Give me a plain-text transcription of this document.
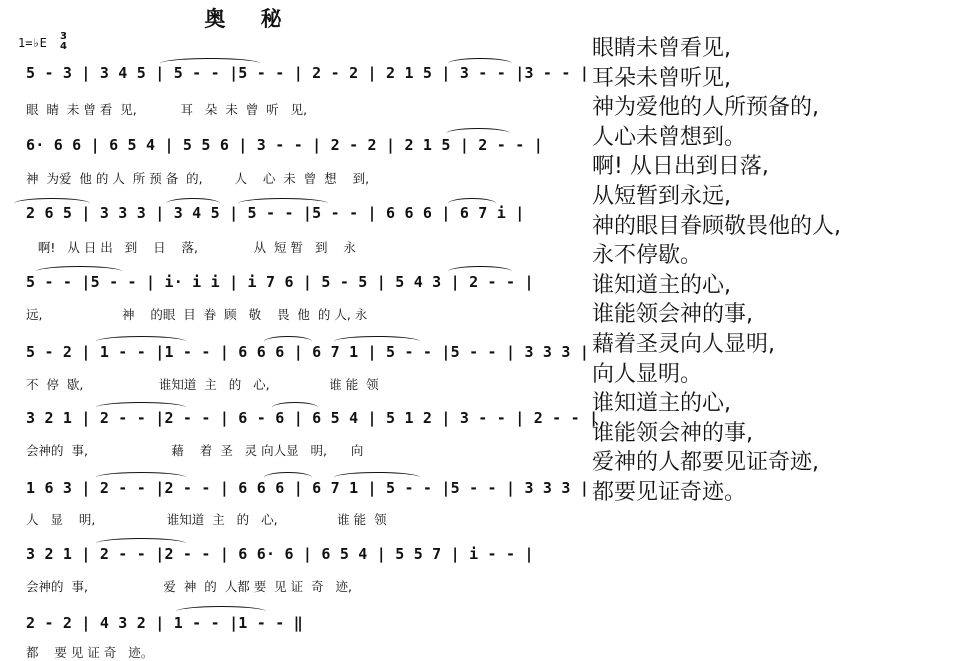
奥 秘
1=♭E 3
4
5 - 3 | 3 4 5 | 5 - - |5 - - | 2 - 2 | 2 1 5 | 3 - - |3 - - |
眼  睛  未 曾 看  见,           耳   朵  未  曾  听   见,
6· 6 6 | 6 5 4 | 5 5 6 | 3 - - | 2 - 2 | 2 1 5 | 2 - - |
神  为爱  他 的 人  所 预 备  的,        人    心  未  曾  想    到,
2 6 5 | 3 3 3 | 3 4 5 | 5 - - |5 - - | 6 6 6 | 6 7 i |
啊!   从 日 出   到    日    落,              从  短 暂   到    永
5 - - |5 - - | i· i i | i 7 6 | 5 - 5 | 5 4 3 | 2 - - |
远,                    神    的眼  目  眷  顾   敬    畏  他  的 人, 永
5 - 2 | 1 - - |1 - - | 6 6 6 | 6 7 1 | 5 - - |5 - - | 3 3 3 |
不  停  歇,                   谁知道  主   的   心,               谁 能  领
3 2 1 | 2 - - |2 - - | 6 - 6 | 6 5 4 | 5 1 2 | 3 - - | 2 - - |
会神的  事,                     藉    着  圣   灵 向人显   明,      向
1 6 3 | 2 - - |2 - - | 6 6 6 | 6 7 1 | 5 - - |5 - - | 3 3 3 |
人   显    明,                  谁知道  主   的   心,               谁 能  领
3 2 1 | 2 - - |2 - - | 6 6· 6 | 6 5 4 | 5 5 7 | i - - |
会神的  事,                   爱  神  的  人都 要  见 证  奇   迹,
2 - 2 | 4 3 2 | 1 - - |1 - - ‖
都    要 见 证 奇   迹。
眼睛未曾看见,
耳朵未曾听见,
神为爱他的人所预备的,
人心未曾想到。
啊! 从日出到日落,
从短暂到永远,
神的眼目眷顾敬畏他的人,
永不停歇。
谁知道主的心,
谁能领会神的事,
藉着圣灵向人显明,
向人显明。
谁知道主的心,
谁能领会神的事,
爱神的人都要见证奇迹,
都要见证奇迹。
